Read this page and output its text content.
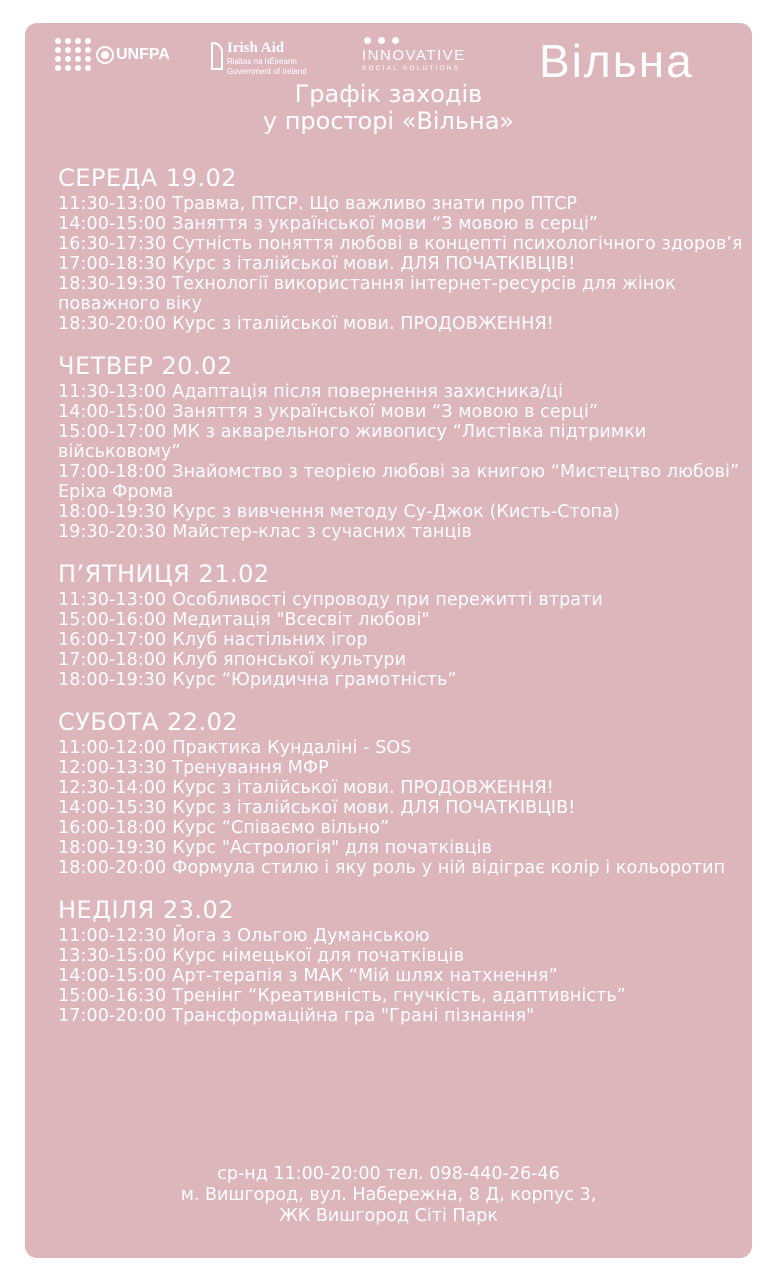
UNFPA	Irish Aid
Rialtas na hÉireann
Government of Ireland
INNOVATIVE
SOCIAL SOLUTIONS Вільна
Графік заходів
у просторі «Вільна»
СЕРЕДА 19.02
11:30-13:00 Травма, ПТСР. Що важливо знати про ПТСР
14:00-15:00 Заняття з української мови “З мовою в серці”
16:30-17:30 Сутність поняття любові в концепті психологічного здоров’я
17:00-18:30 Курс з італійської мови. ДЛЯ ПОЧАТКІВЦІВ!
18:30-19:30 Технології використання інтернет-ресурсів для жінок поважного віку
18:30-20:00 Курс з італійської мови. ПРОДОВЖЕННЯ!
ЧЕТВЕР 20.02
11:30-13:00 Адаптація після повернення захисника/ці
14:00-15:00 Заняття з української мови “З мовою в серці”
15:00-17:00 МК з акварельного живопису “Листівка підтримки військовому”
17:00-18:00 Знайомство з теорією любові за книгою “Мистецтво любові” Еріха Фрома
18:00-19:30 Курс з вивчення методу Су-Джок (Кисть-Стопа)
19:30-20:30 Майстер-клас з сучасних танців
П’ЯТНИЦЯ 21.02
11:30-13:00 Особливості супроводу при пережитті втрати
15:00-16:00 Медитація "Всесвіт любові"
16:00-17:00 Клуб настільних ігор
17:00-18:00 Клуб японської культури
18:00-19:30 Курс “Юридична грамотність”
СУБОТА 22.02
11:00-12:00 Практика Кундаліні - SOS
12:00-13:30 Тренування МФР
12:30-14:00 Курс з італійської мови. ПРОДОВЖЕННЯ!
14:00-15:30 Курс з італійської мови. ДЛЯ ПОЧАТКІВЦІВ!
16:00-18:00 Курс “Співаємо вільно”
18:00-19:30 Курс "Астрологія" для початківців
18:00-20:00 Формула стилю і яку роль у ній відіграє колір і кольоротип
НЕДІЛЯ 23.02
11:00-12:30 Йога з Ольгою Думанською
13:30-15:00 Курс німецької для початківців
14:00-15:00 Арт-терапія з МАК “Мій шлях натхнення”
15:00-16:30 Тренінг “Креативність, гнучкість, адаптивність”
17:00-20:00 Трансформаційна гра "Грані пізнання"
ср-нд 11:00-20:00 тел. 098-440-26-46
м. Вишгород, вул. Набережна, 8 Д, корпус 3,
ЖК Вишгород Сіті Парк
